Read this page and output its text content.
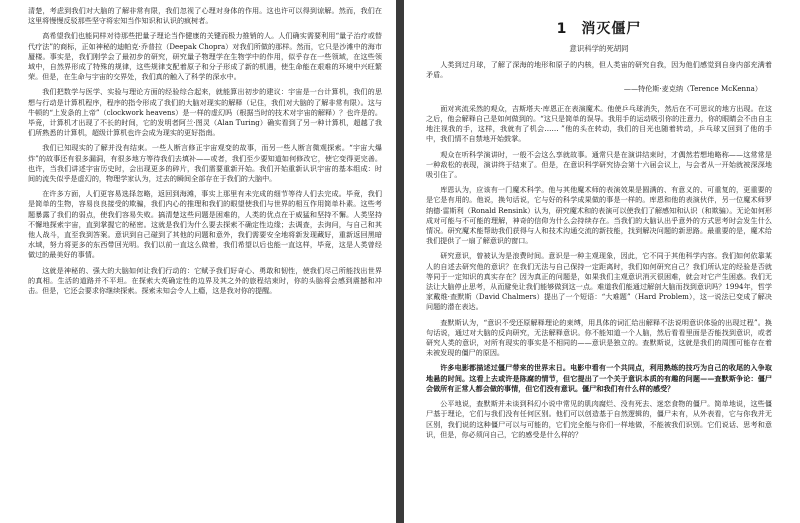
清楚，考虑到我们对大脑的了解非常有限，我们忽视了心理对身体的作用。这也许可以得到谅解。然而，我们在这里将慢慢反驳那些坚守将宏知当作知识和认识的疯树者。

高希望我们也能同样对待那些把量子理论当作健康的关键而极力推销的人。人们确实需要利用“量子治疗或替代疗法”的商标，正如神秘的迪帕克·乔普拉（Deepak Chopra）对我们所做的那样。然而，它只是沙滩中的海市蜃楼。事实是，我们刚学会了最初步的研究，研究量子物理学在生物学中的作用，似乎存在一些领域，在这些领域中，自然界形成了特殊的规律，这些规律支配着原子和分子形成了新的机遇，使生命能在艰难的环境中兴旺繁荣。但是，在生命与宇宙的交界处，我们真的触入了科学的深水中。

我们把数学与医学、实验与理论方面的经验综合起来，就能算出初步的建议：宇宙是一台计算机，我们的思想与行动是计算机程序，程序的指令形成了我们的大脑对现实的解释（记住，我们对大脑的了解非常有限）。这与牛顿的“上发条的上帝”（clockwork heavens）是一样的虚幻吗（根据当时的技术对宇宙的解释）？也许是的。毕竟，计算机才出现了不长的时间，它的发明者阿兰·图灵（Alan Turing）确实看到了另一种计算机，超越了我们所熟悉的计算机，超级计算机也许会成为现实的更好指南。

我们已知现实的了解并没有结束。一些人断言修正宇宙观变的故事，而另一些人断言微观探索。“宇宙大爆炸”的故事还有很多漏洞，有很多地方等待我们去填补——或者，我们至少要知道如何修改它，使它变得更完善。也许，当我们讲述宇宙历史时，会出现更多的碎片，我们需要重新开始。我们开始重新认识宇宙的基本组成：时间的流失似乎是虚幻的，物理学家认为，过去的瞬间全部存在于我们的大脑中。

在许多方面，人们更容易选择忽略，返回到海滩，事实上那里有未完成的细节等待人们去完成。毕竟，我们是简单的生物，容易良良接受的欺骗，我们内心的推理和我们的眼望使我们与世界的相互作用简单朴素。这些考题暴露了我们的弱点，使我们容易失败。搞清楚这些问题是困难的，人类的优点在于威猛和坚持不懈。人类坚持不懈地探索宇宙，直到掌握它的秘密。这就是我们为什么要去探索不确定性边缘；去调查，去询问，与自己和其他人战斗，直至我到答案。意识到自己碰到了其他的问题和意外，我们需要安全地将新发现藏好，重新返回黑暗水域，努力将更多的东西带回光明。我们以前一直这么做着，我们希望以后也能一直这样，毕竟，这是人类曾经做过的最美好的事情。

这就是神秘的、强大的大脑如何让我们行动的：它赋予我们好奇心、勇敢和韧性，使我们尽己所能找出世界的真相。生活的道路并不平坦。在探索大英确定性的边界及其之外的旅程结束时，你的头脑将会感到震撼和冲击。但是，它还会要求你继续探索。探索未知会令人上瘾，这是我对你的提醒。

1 消灭僵尸
意识科学的死胡同

人类到过月球，了解了深海的地形和原子的内核，但人类宙的研究自我，因为他们感觉到自身内部充满着矛盾。

——特伦斯·麦克纳（Terence McKenna）

面对宾流采然的观众，吉斯塔夫·库恩正在表演魔术。他使乒乓球消失，然后在不可思议的地方出现。在这之后，他会解释自己是如何做到的。“这只是简单的误导。我用手的运动吸引你的注意力，你的眼睛会不由自主地注视我的手，这样，我就有了机会…… ”他的头在转动，我们的目光也随着转动，乒乓球又回到了他的手中，我们情不自禁地开始鼓掌。

观众在听科学演讲时，一般不会这么享就故事。通常只是在演讲结束时，才偶然若想地略称——这常常是一种敌松的表现，演讲终于结束了。但是，在意识科学研究协会第十六届会议上，与会者从一开始就被深深地吸引住了。

库恩认为，应该有一门魔术科学。他与其他魔术师的表演效果是圆满的、有意义的、可重复的，更重要的是它是有用的。他说，换句话说，它与好的科学成果做的事是一样的。库恩和他的表演伙伴，另一位魔术师罗纳德·雷斯利（Ronald Rensink）认为，研究魔术和的表演可以使我们了解感知和认识（和欺骗）。无论如何形成对可能与不可能的理解，神奇的信仰为什么会持续存在。当我们的大脑认出乎意外的方式思考时会发生什么情况。研究魔术能帮助我们获得与人和技术沟通交流的新技能，找到解决问题的新思路。最重要的是，魔术给我们提供了一扇了解意识的窗口。

研究意识，曾被认为是浪费时间。意识是一种主观现象，因此，它不同于其他科学内容。我们如何依靠某人的自述去研究他的意识？在我们无法与自己保持一定距离时，我们如何研究自己？我们所认定的经验是否就等同于一定知识的真实存在？因为真正的问题是，如果我们主观意识消灭很困难，就会对它产生困惑。我们无法让大脑停止思考，从而避免让我们能够做到这一点。难道我们能通过解剖大脑而找到意识吗？1994年，哲学家戴维·查默斯（David Chalmers）提出了一个短语：“大难题”（Hard Problem），这一说法已变成了解决问题的潜在表达。

查默斯认为，“意识不受还原解释理论的束缚，用具体的词汇给出解释不法说明意识体验的出现过程”。换句话说，通过对大脑的反向研究，无法解释意识。你不能知道一个人脑，然后看看里面是否能找到意识，或者研究人类的意识，对所有现实的事实是不相同的——意识是独立的。查默斯说，这就是我们的周围可能存在着未被发现的僵尸的原因。

许多电影都描述过僵尸带来的世界末日。电影中看有一个共同点，利用熟练的技巧为自己的收尾的入争取地悬的时间。这看上去或许是陈腐的情节，但它提出了一个关于意识本质的有趣的问题——查默斯争论：僵尸会做所有正常人都会做的事情，但它们没有意识。僵尸和我们有什么样的感受？

公平地说，查默斯并未谈到科幻小说中常见的肌肉腐烂、没有死去、迷恋食物的僵尸。简单地说，这些僵尸基于理论，它们与我们没有任何区别。他们可以创造基于自然逻辑的，僵尸未有，从外表看，它与你我并无区别，我们说的这种僵尸可以与可能的，它们完全能与你们一样地做，不能被我们识别。它们说话、思考和意识，但是，你必须问自己，它的感受是什么样的？
